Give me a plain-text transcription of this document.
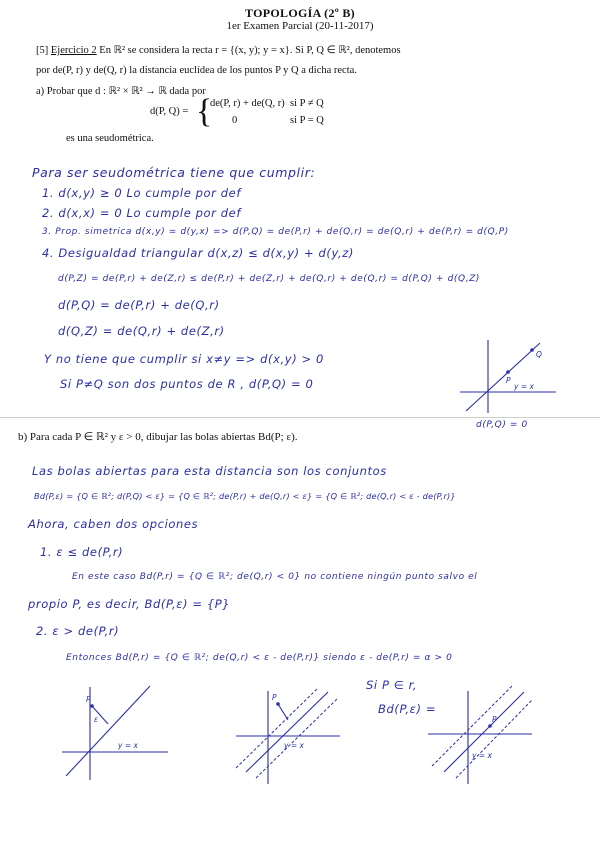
TOPOLOGÍA (2º B)
1er Examen Parcial (20-11-2017)
[5] Ejercicio 2 En ℝ² se considera la recta r = {(x, y); y = x}. Si P, Q ∈ ℝ², denotemos
por de(P, r) y de(Q, r) la distancia euclídea de los puntos P y Q a dicha recta.
a) Probar que d : ℝ² × ℝ² → ℝ dada por
d(P, Q) = {
de(P, r) + de(Q, r) si P ≠ Q
0	si P = Q
es una seudométrica.
Para ser seudométrica tiene que cumplir:
1. d(x,y) ≥ 0 Lo cumple por def
2. d(x,x) = 0 Lo cumple por def
3. Prop. simetrica d(x,y) = d(y,x) => d(P,Q) = de(P,r) + de(Q,r) = de(Q,r) + de(P,r) = d(Q,P)
4. Desigualdad triangular d(x,z) ≤ d(x,y) + d(y,z)
d(P,Z) = de(P,r) + de(Z,r) ≤ de(P,r) + de(Z,r) + de(Q,r) + de(Q,r) = d(P,Q) + d(Q,Z)
d(P,Q) = de(P,r) + de(Q,r)
d(Q,Z) = de(Q,r) + de(Z,r)
Y no tiene que cumplir si x≠y => d(x,y) > 0
Si P≠Q son dos puntos de R , d(P,Q) = 0
Q
P
y = x
d(P,Q) = 0
b) Para cada P ∈ ℝ² y ε > 0, dibujar las bolas abiertas Bd(P; ε).
Las bolas abiertas para esta distancia son los conjuntos
Bd(P,ε) = {Q ∈ ℝ²; d(P,Q) < ε} = {Q ∈ ℝ²; de(P,r) + de(Q,r) < ε} = {Q ∈ ℝ²; de(Q,r) < ε - de(P,r)}
Ahora, caben dos opciones
1. ε ≤ de(P,r)
En este caso Bd(P,r) = {Q ∈ ℝ²; de(Q,r) < 0} no contiene ningún punto salvo el
propio P, es decir, Bd(P,ε) = {P}
2. ε > de(P,r)
Entonces Bd(P,r) = {Q ∈ ℝ²; de(Q,r) < ε - de(P,r)} siendo ε - de(P,r) = α > 0
Si P ∈ r,
Bd(P,ε) =
P
ε
y = x
P
y = x
P
y = x
